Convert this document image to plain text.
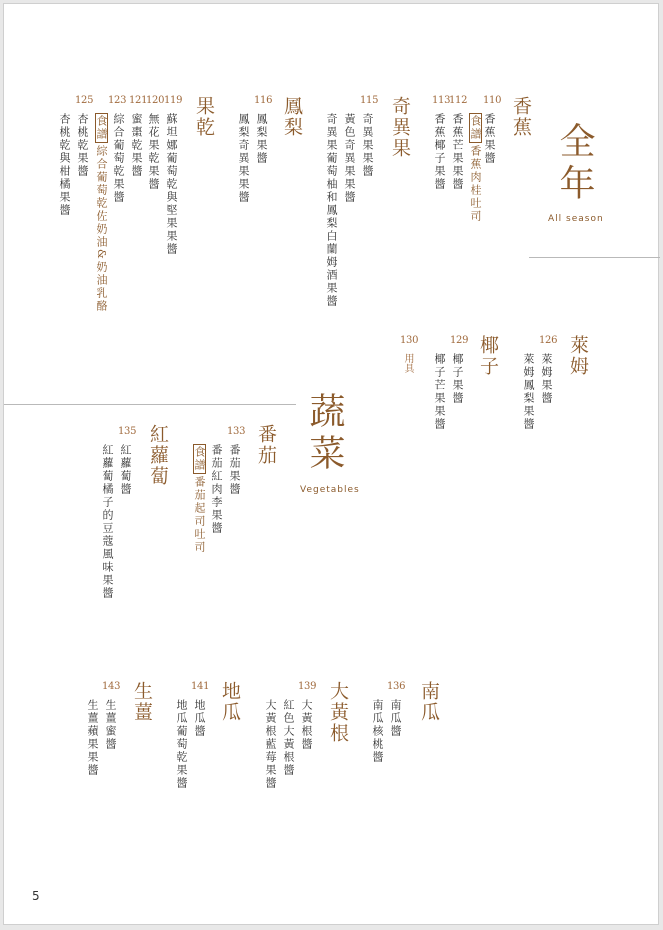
全年
All season
香蕉
110
香蕉果醬
食譜香蕉肉桂吐司
112
香蕉芒果果醬
113
香蕉椰子果醬
奇異果
115
奇異果果醬
黃色奇異果果醬
奇異果葡萄柚和鳳梨白蘭姆酒果醬
鳳梨
116
鳳梨果醬
鳳梨奇異果果醬
果乾
119
蘇坦娜葡萄乾與堅果果醬
120
無花果乾果醬
121
蜜棗乾果醬
123
綜合葡萄乾果醬
食譜綜合葡萄乾佐奶油&奶油乳酪
125
杏桃乾果醬
杏桃乾與柑橘果醬
萊姆
126
萊姆果醬
萊姆鳳梨果醬
椰子
129
椰子果醬
椰子芒果果醬
130
用具
蔬菜
Vegetables
番茄
133
番茄果醬
番茄紅肉李果醬
食譜番茄起司吐司
紅蘿蔔
135
紅蘿蔔醬
紅蘿蔔橘子的豆蔻風味果醬
南瓜
136
南瓜醬
南瓜核桃醬
大黃根
139
大黃根醬
紅色大黃根醬
大黃根藍莓果醬
地瓜
141
地瓜醬
地瓜葡萄乾果醬
生薑
143
生薑蜜醬
生薑蘋果果醬
5
